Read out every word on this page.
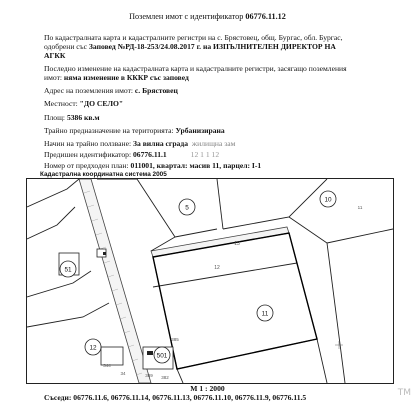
Поземлен имот с идентификатор 06776.11.12
По кадастралната карта и кадастралните регистри на с. Брястовец, общ. Бургас, обл. Бургас,
одобрени със Заповед №РД-18-253/24.08.2017 г. на ИЗПЪЛНИТЕЛЕН ДИРЕКТОР НА
АГКК
Последно изменение на кадастралната карта и кадастралните регистри, засягащо поземления
имот: няма изменение в КККР със заповед
Адрес на поземления имот: с. Брястовец
Местност: "ДО СЕЛО"
Площ: 5386 кв.м
Трайно предназначение на територията: Урбанизирана
Начин на трайно ползване: За вилна сграда жилищна зам
Предишен идентификатор: 06776.11.1	12 1 1 12
Номер от предходен план: 011001, квартал: масив 11, парцел: I-1
Кадастрална координатна система 2005
5
10
11
51
12
501
12
13
344
34
385
382
389
11
М 1 : 2000
Съседи: 06776.11.6, 06776.11.14, 06776.11.13, 06776.11.10, 06776.11.9, 06776.11.5	TM
